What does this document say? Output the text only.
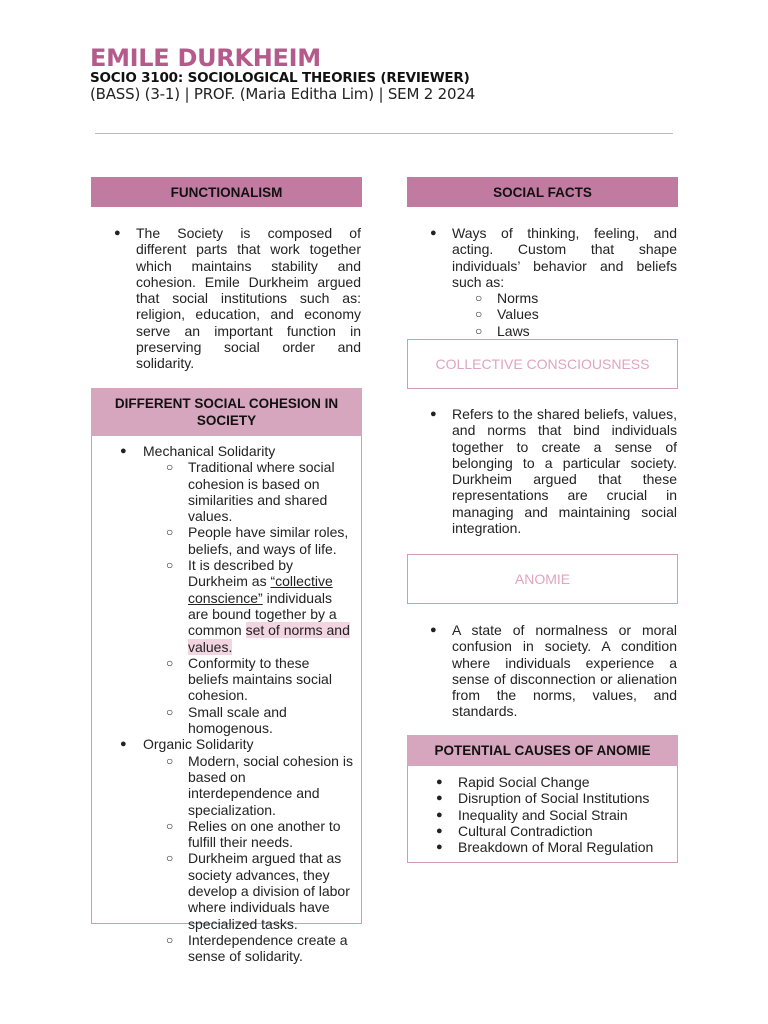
EMILE DURKHEIM
SOCIO 3100: SOCIOLOGICAL THEORIES (REVIEWER)
(BASS) (3-1) | PROF. (Maria Editha Lim) | SEM 2 2024
FUNCTIONALISM
● The Society is composed of different parts that work together which maintains stability and cohesion. Emile Durkheim argued that social institutions such as: religion, education, and economy serve an important function in preserving social order and solidarity.
DIFFERENT SOCIAL COHESION IN SOCIETY
● Mechanical Solidarity
○ Traditional where social cohesion is based on similarities and shared values.
○ People have similar roles, beliefs, and ways of life.
○ It is described by Durkheim as “collective conscience” individuals are bound together by a common set of norms and values.
○ Conformity to these beliefs maintains social cohesion.
○ Small scale and homogenous.
● Organic Solidarity
○ Modern, social cohesion is based on interdependence and specialization.
○ Relies on one another to fulfill their needs.
○ Durkheim argued that as society advances, they develop a division of labor where individuals have specialized tasks.
○ Interdependence create a sense of solidarity.
SOCIAL FACTS
● Ways of thinking, feeling, and acting. Custom that shape individuals’ behavior and beliefs such as:
○ Norms
○ Values
○ Laws
COLLECTIVE CONSCIOUSNESS
● Refers to the shared beliefs, values, and norms that bind individuals together to create a sense of belonging to a particular society. Durkheim argued that these representations are crucial in managing and maintaining social integration.
ANOMIE
● A state of normalness or moral confusion in society. A condition where individuals experience a sense of disconnection or alienation from the norms, values, and standards.
POTENTIAL CAUSES OF ANOMIE
● Rapid Social Change
● Disruption of Social Institutions
● Inequality and Social Strain
● Cultural Contradiction
● Breakdown of Moral Regulation
